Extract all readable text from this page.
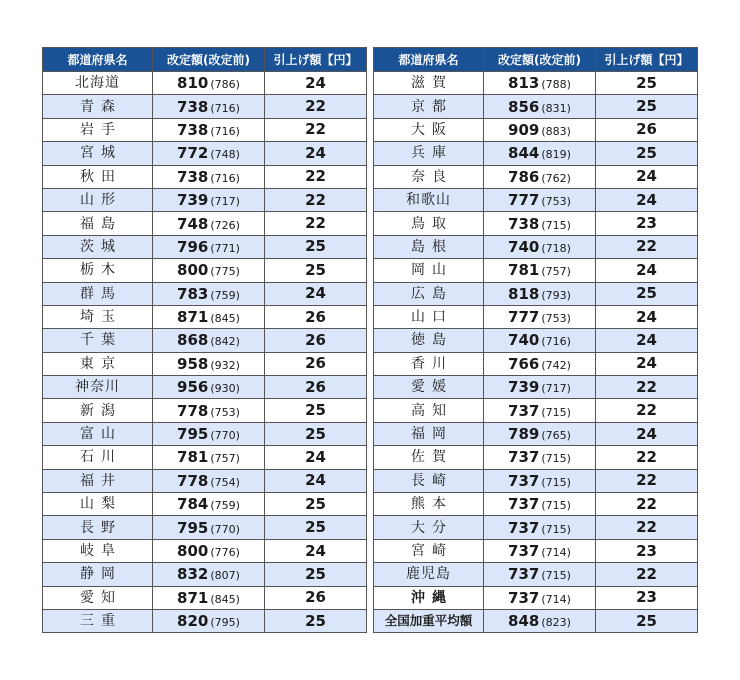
都道府県名	改定額(改定前)	引上げ額【円】
北海道	810 (786)	24
青森	738 (716)	22
岩手	738 (716)	22
宮城	772 (748)	24
秋田	738 (716)	22
山形	739 (717)	22
福島	748 (726)	22
茨城	796 (771)	25
栃木	800 (775)	25
群馬	783 (759)	24
埼玉	871 (845)	26
千葉	868 (842)	26
東京	958 (932)	26
神奈川	956 (930)	26
新潟	778 (753)	25
富山	795 (770)	25
石川	781 (757)	24
福井	778 (754)	24
山梨	784 (759)	25
長野	795 (770)	25
岐阜	800 (776)	24
静岡	832 (807)	25
愛知	871 (845)	26
三重	820 (795)	25
都道府県名	改定額(改定前)	引上げ額【円】
滋賀	813 (788)	25
京都	856 (831)	25
大阪	909 (883)	26
兵庫	844 (819)	25
奈良	786 (762)	24
和歌山	777 (753)	24
鳥取	738 (715)	23
島根	740 (718)	22
岡山	781 (757)	24
広島	818 (793)	25
山口	777 (753)	24
徳島	740 (716)	24
香川	766 (742)	24
愛媛	739 (717)	22
高知	737 (715)	22
福岡	789 (765)	24
佐賀	737 (715)	22
長崎	737 (715)	22
熊本	737 (715)	22
大分	737 (715)	22
宮崎	737 (714)	23
鹿児島	737 (715)	22
沖縄	737 (714)	23
全国加重平均額	848 (823)	25
